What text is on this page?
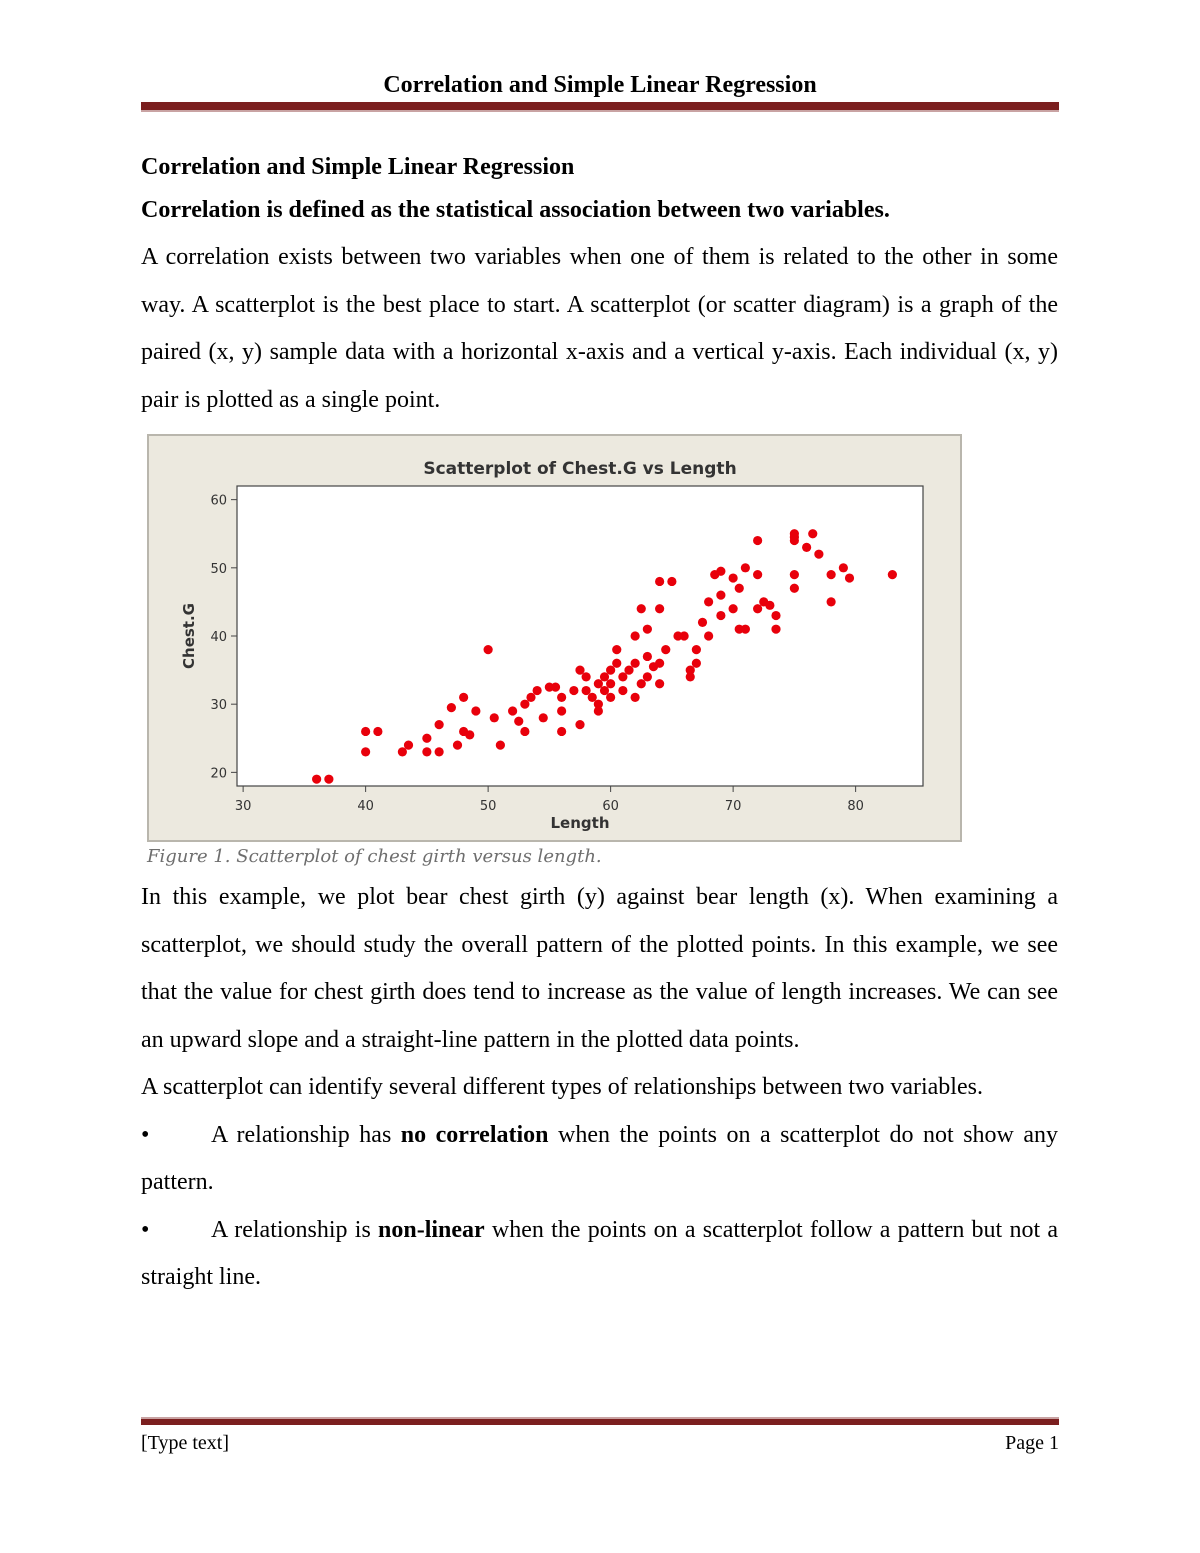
Correlation and Simple Linear Regression

Correlation and Simple Linear Regression

Correlation is defined as the statistical association between two variables.

A correlation exists between two variables when one of them is related to the other in some way. A scatterplot is the best place to start. A scatterplot (or scatter diagram) is a graph of the paired (x, y) sample data with a horizontal x-axis and a vertical y-axis. Each individual (x, y) pair is plotted as a single point.

Scatterplot of Chest.G vs Length
Length
Chest.G
30	40	50	60	70	80
20
30
40
50
60
Figure 1. Scatterplot of chest girth versus length.

In this example, we plot bear chest girth (y) against bear length (x). When examining a scatterplot, we should study the overall pattern of the plotted points. In this example, we see that the value for chest girth does tend to increase as the value of length increases. We can see an upward slope and a straight-line pattern in the plotted data points.

A scatterplot can identify several different types of relationships between two variables.

•	A relationship has no correlation when the points on a scatterplot do not show any pattern.

•	A relationship is non-linear when the points on a scatterplot follow a pattern but not a straight line.

[Type text]	Page 1
